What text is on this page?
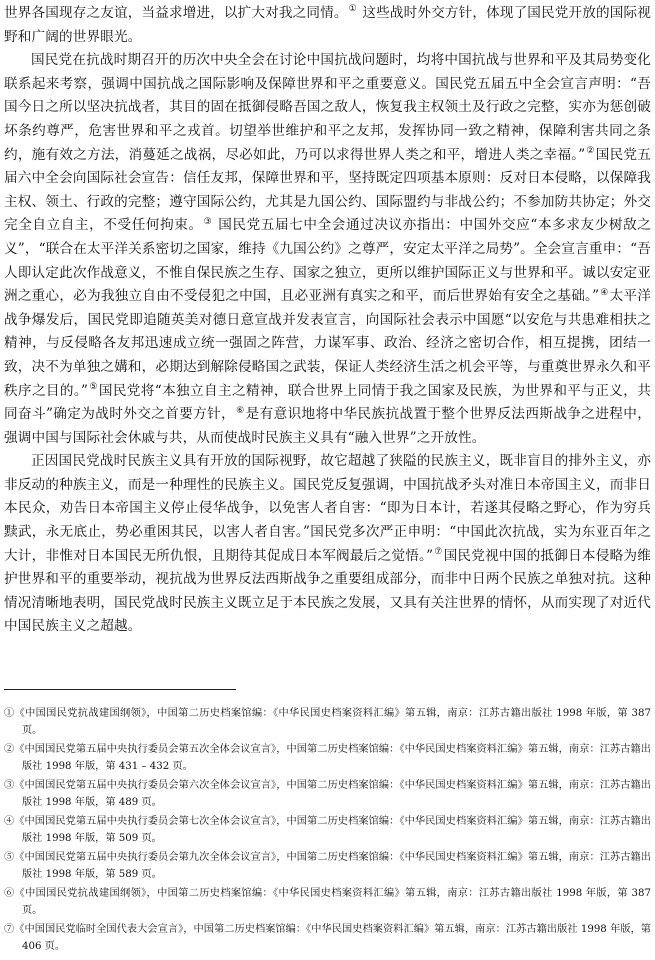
世界各国现存之友谊，当益求增进，以扩大对我之同情。① 这些战时外交方针，体现了国民党开放的国际视野和广阔的世界眼光。

国民党在抗战时期召开的历次中央全会在讨论中国抗战问题时，均将中国抗战与世界和平及其局势变化联系起来考察，强调中国抗战之国际影响及保障世界和平之重要意义。国民党五届五中全会宣言声明：“吾国今日之所以坚决抗战者，其目的固在抵御侵略吾国之敌人，恢复我主权领土及行政之完整，实亦为惩创破坏条约尊严，危害世界和平之戎首。切望举世维护和平之友邦，发挥协同一致之精神，保障利害共同之条约，施有效之方法，消蔓延之战祸，尽必如此，乃可以求得世界人类之和平，增进人类之幸福。”②国民党五届六中全会向国际社会宣告：信任友邦，保障世界和平，坚持既定四项基本原则：反对日本侵略，以保障我主权、领土、行政的完整；遵守国际公约，尤其是九国公约、国际盟约与非战公约；不参加防共协定；外交完全自立自主，不受任何拘束。③ 国民党五届七中全会通过决议亦指出：中国外交应“本多求友少树敌之义”，“联合在太平洋关系密切之国家，维持《九国公约》之尊严，安定太平洋之局势”。全会宣言重申：“吾人即认定此次作战意义，不惟自保民族之生存、国家之独立，更所以维护国际正义与世界和平。诚以安定亚洲之重心，必为我独立自由不受侵犯之中国，且必亚洲有真实之和平，而后世界始有安全之基础。”④太平洋战争爆发后，国民党即追随英美对德日意宣战并发表宣言，向国际社会表示中国愿“以安危与共患难相扶之精神，与反侵略各友邦迅速成立统一强固之阵营，力谋军事、政治、经济之密切合作，相互提携，团结一致，决不为单独之媾和，必期达到解除侵略国之武装，保证人类经济生活之机会平等，与重奠世界永久和平秩序之目的。”⑤国民党将“本独立自主之精神，联合世界上同情于我之国家及民族，为世界和平与正义，共同奋斗”确定为战时外交之首要方针，⑥是有意识地将中华民族抗战置于整个世界反法西斯战争之进程中，强调中国与国际社会休戚与共，从而使战时民族主义具有“融入世界”之开放性。

正因国民党战时民族主义具有开放的国际视野，故它超越了狭隘的民族主义，既非盲目的排外主义，亦非反动的种族主义，而是一种理性的民族主义。国民党反复强调，中国抗战矛头对准日本帝国主义，而非日本民众，劝告日本帝国主义停止侵华战争，以免害人者自害：“即为日本计，若遂其侵略之野心，作为穷兵黩武，永无底止，势必重困其民，以害人者自害。”国民党多次严正申明：“中国此次抗战，实为东亚百年之大计，非惟对日本国民无所仇恨，且期待其促成日本军阀最后之觉悟。”⑦国民党视中国的抵御日本侵略为维护世界和平的重要举动，视抗战为世界反法西斯战争之重要组成部分，而非中日两个民族之单独对抗。这种情况清晰地表明，国民党战时民族主义既立足于本民族之发展，又具有关注世界的情怀，从而实现了对近代中国民族主义之超越。

①《中国国民党抗战建国纲领》，中国第二历史档案馆编：《中华民国史档案资料汇编》第五辑，南京：江苏古籍出版社 1998 年版，第 387 页。

②《中国国民党第五届中央执行委员会第五次全体会议宣言》，中国第二历史档案馆编：《中华民国史档案资料汇编》第五辑，南京：江苏古籍出版社 1998 年版，第 431 – 432 页。

③《中国国民党第五届中央执行委员会第六次全体会议宣言》，中国第二历史档案馆编：《中华民国史档案资料汇编》第五辑，南京：江苏古籍出版社 1998 年版，第 489 页。

④《中国国民党第五届中央执行委员会第七次全体会议宣言》，中国第二历史档案馆编：《中华民国史档案资料汇编》第五辑，南京：江苏古籍出版社 1998 年版，第 509 页。

⑤《中国国民党第五届中央执行委员会第九次全体会议宣言》，中国第二历史档案馆编：《中华民国史档案资料汇编》第五辑，南京：江苏古籍出版社 1998 年版，第 589 页。

⑥《中国国民党抗战建国纲领》，中国第二历史档案馆编：《中华民国史档案资料汇编》第五辑，南京：江苏古籍出版社 1998 年版，第 387 页。

⑦《中国国民党临时全国代表大会宣言》，中国第二历史档案馆编：《中华民国史档案资料汇编》第五辑，南京：江苏古籍出版社 1998 年版，第 406 页。
